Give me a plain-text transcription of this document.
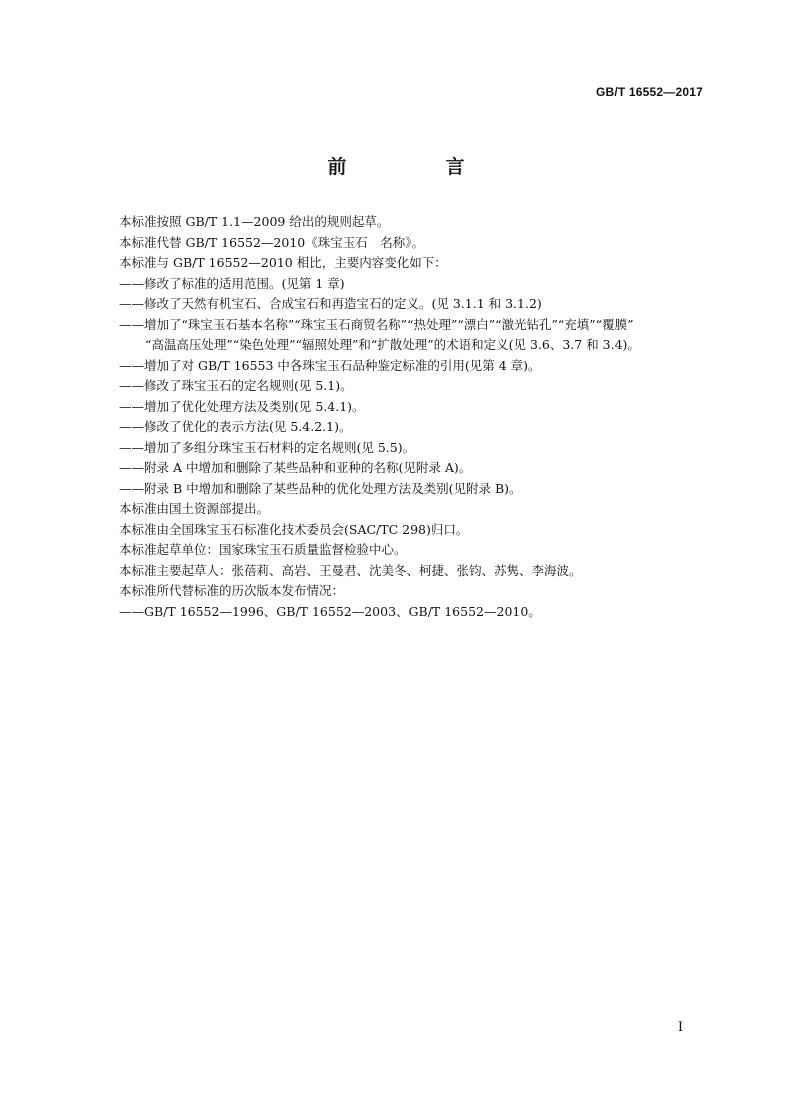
GB/T 16552—2017
前　言
本标准按照 GB/T 1.1—2009 给出的规则起草。
本标准代替 GB/T 16552—2010《珠宝玉石　名称》。
本标准与 GB/T 16552—2010 相比，主要内容变化如下：
——修改了标准的适用范围。(见第 1 章)
——修改了天然有机宝石、合成宝石和再造宝石的定义。(见 3.1.1 和 3.1.2)
——增加了“珠宝玉石基本名称”“珠宝玉石商贸名称”“热处理”“漂白”“激光钻孔”“充填”“覆膜”
“高温高压处理”“染色处理”“辐照处理”和“扩散处理”的术语和定义(见 3.6、3.7 和 3.4)。
——增加了对 GB/T 16553 中各珠宝玉石品种鉴定标准的引用(见第 4 章)。
——修改了珠宝玉石的定名规则(见 5.1)。
——增加了优化处理方法及类别(见 5.4.1)。
——修改了优化的表示方法(见 5.4.2.1)。
——增加了多组分珠宝玉石材料的定名规则(见 5.5)。
——附录 A 中增加和删除了某些品种和亚种的名称(见附录 A)。
——附录 B 中增加和删除了某些品种的优化处理方法及类别(见附录 B)。
本标准由国土资源部提出。
本标准由全国珠宝玉石标准化技术委员会(SAC/TC 298)归口。
本标准起草单位：国家珠宝玉石质量监督检验中心。
本标准主要起草人：张蓓莉、高岩、王曼君、沈美冬、柯捷、张钧、苏隽、李海波。
本标准所代替标准的历次版本发布情况：
——GB/T 16552—1996、GB/T 16552—2003、GB/T 16552—2010。
I
